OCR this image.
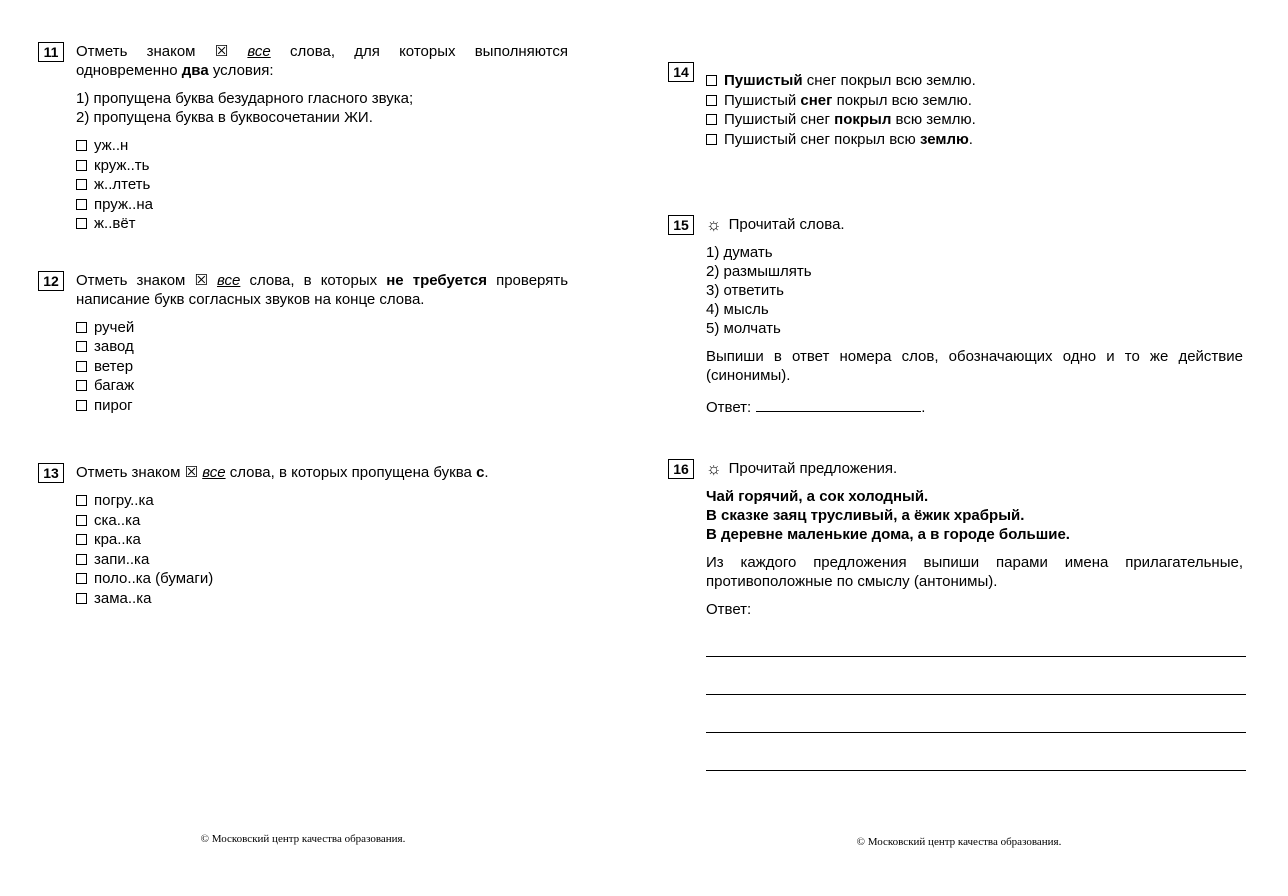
11	Отметь знаком ☒ все слова, для которых выполняются одновременно два условия:

1) пропущена буква безударного гласного звука;

2) пропущена буква в буквосочетании ЖИ.

уж..н
круж..ть
ж..лтеть
пруж..на
ж..вёт
12	Отметь знаком ☒ все слова, в которых не требуется проверять написание букв согласных звуков на конце слова.

ручей
завод
ветер
багаж
пирог
13	Отметь знаком ☒ все слова, в которых пропущена буква с.

погру..ка
ска..ка
кра..ка
запи..ка
поло..ка (бумаги)
зама..ка
14	Пушистый снег покрыл всю землю.
Пушистый снег покрыл всю землю.
Пушистый снег покрыл всю землю.
Пушистый снег покрыл всю землю.
15	☼ Прочитай слова.

1) думать

2) размышлять

3) ответить

4) мысль

5) молчать

Выпиши в ответ номера слов, обозначающих одно и то же действие (синонимы).

Ответ:	.

16	☼ Прочитай предложения.

Чай горячий, а сок холодный.

В сказке заяц трусливый, а ёжик храбрый.

В деревне маленькие дома, а в городе большие.

Из каждого предложения выпиши парами имена прилагательные, противоположные по смыслу (антонимы).

Ответ:

© Московский центр качества образования.	© Московский центр качества образования.
